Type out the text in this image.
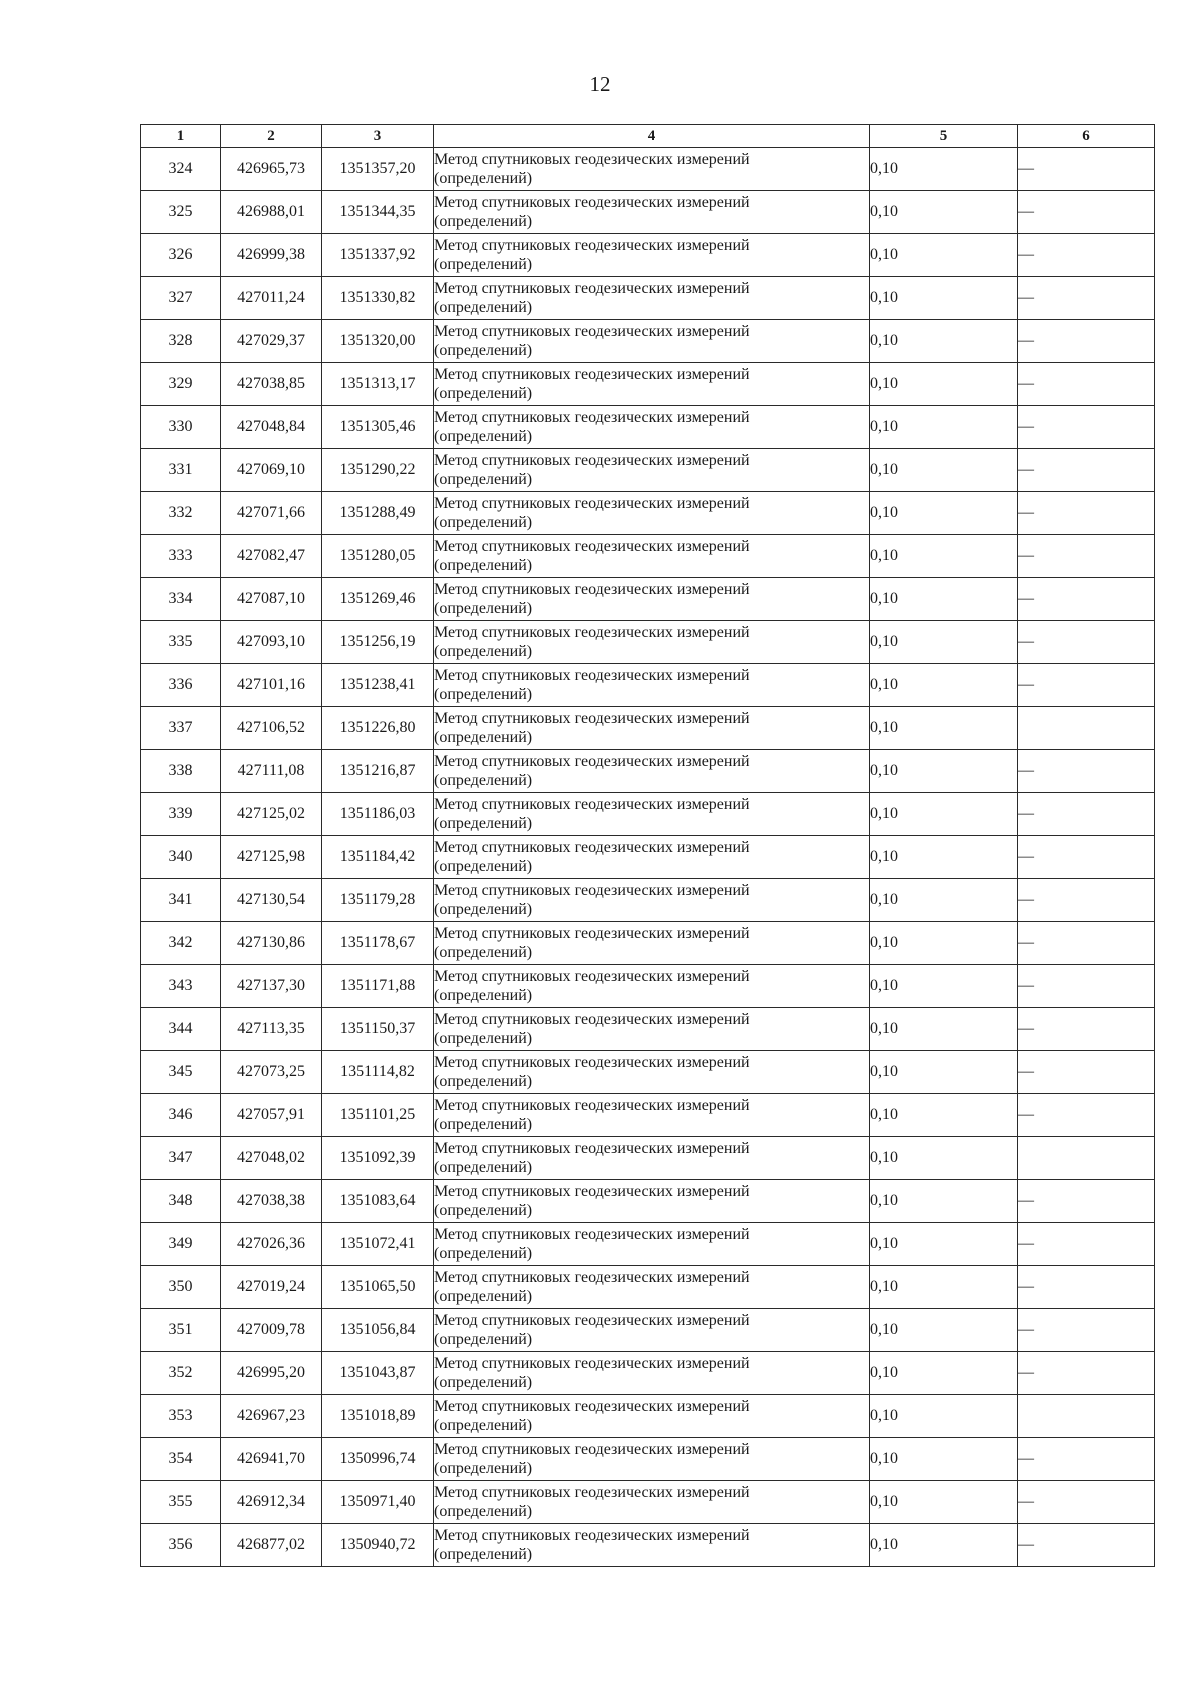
12
1	2	3	4	5	6
324	426965,73	1351357,20	Метод спутниковых геодезических измерений
(определений)	0,10	—
325	426988,01	1351344,35	Метод спутниковых геодезических измерений
(определений)	0,10	—
326	426999,38	1351337,92	Метод спутниковых геодезических измерений
(определений)	0,10	—
327	427011,24	1351330,82	Метод спутниковых геодезических измерений
(определений)	0,10	—
328	427029,37	1351320,00	Метод спутниковых геодезических измерений
(определений)	0,10	—
329	427038,85	1351313,17	Метод спутниковых геодезических измерений
(определений)	0,10	—
330	427048,84	1351305,46	Метод спутниковых геодезических измерений
(определений)	0,10	—
331	427069,10	1351290,22	Метод спутниковых геодезических измерений
(определений)	0,10	—
332	427071,66	1351288,49	Метод спутниковых геодезических измерений
(определений)	0,10	—
333	427082,47	1351280,05	Метод спутниковых геодезических измерений
(определений)	0,10	—
334	427087,10	1351269,46	Метод спутниковых геодезических измерений
(определений)	0,10	—
335	427093,10	1351256,19	Метод спутниковых геодезических измерений
(определений)	0,10	—
336	427101,16	1351238,41	Метод спутниковых геодезических измерений
(определений)	0,10	—
337	427106,52	1351226,80	Метод спутниковых геодезических измерений
(определений)	0,10	
338	427111,08	1351216,87	Метод спутниковых геодезических измерений
(определений)	0,10	—
339	427125,02	1351186,03	Метод спутниковых геодезических измерений
(определений)	0,10	—
340	427125,98	1351184,42	Метод спутниковых геодезических измерений
(определений)	0,10	—
341	427130,54	1351179,28	Метод спутниковых геодезических измерений
(определений)	0,10	—
342	427130,86	1351178,67	Метод спутниковых геодезических измерений
(определений)	0,10	—
343	427137,30	1351171,88	Метод спутниковых геодезических измерений
(определений)	0,10	—
344	427113,35	1351150,37	Метод спутниковых геодезических измерений
(определений)	0,10	—
345	427073,25	1351114,82	Метод спутниковых геодезических измерений
(определений)	0,10	—
346	427057,91	1351101,25	Метод спутниковых геодезических измерений
(определений)	0,10	—
347	427048,02	1351092,39	Метод спутниковых геодезических измерений
(определений)	0,10	
348	427038,38	1351083,64	Метод спутниковых геодезических измерений
(определений)	0,10	—
349	427026,36	1351072,41	Метод спутниковых геодезических измерений
(определений)	0,10	—
350	427019,24	1351065,50	Метод спутниковых геодезических измерений
(определений)	0,10	—
351	427009,78	1351056,84	Метод спутниковых геодезических измерений
(определений)	0,10	—
352	426995,20	1351043,87	Метод спутниковых геодезических измерений
(определений)	0,10	—
353	426967,23	1351018,89	Метод спутниковых геодезических измерений
(определений)	0,10	
354	426941,70	1350996,74	Метод спутниковых геодезических измерений
(определений)	0,10	—
355	426912,34	1350971,40	Метод спутниковых геодезических измерений
(определений)	0,10	—
356	426877,02	1350940,72	Метод спутниковых геодезических измерений
(определений)	0,10	—
